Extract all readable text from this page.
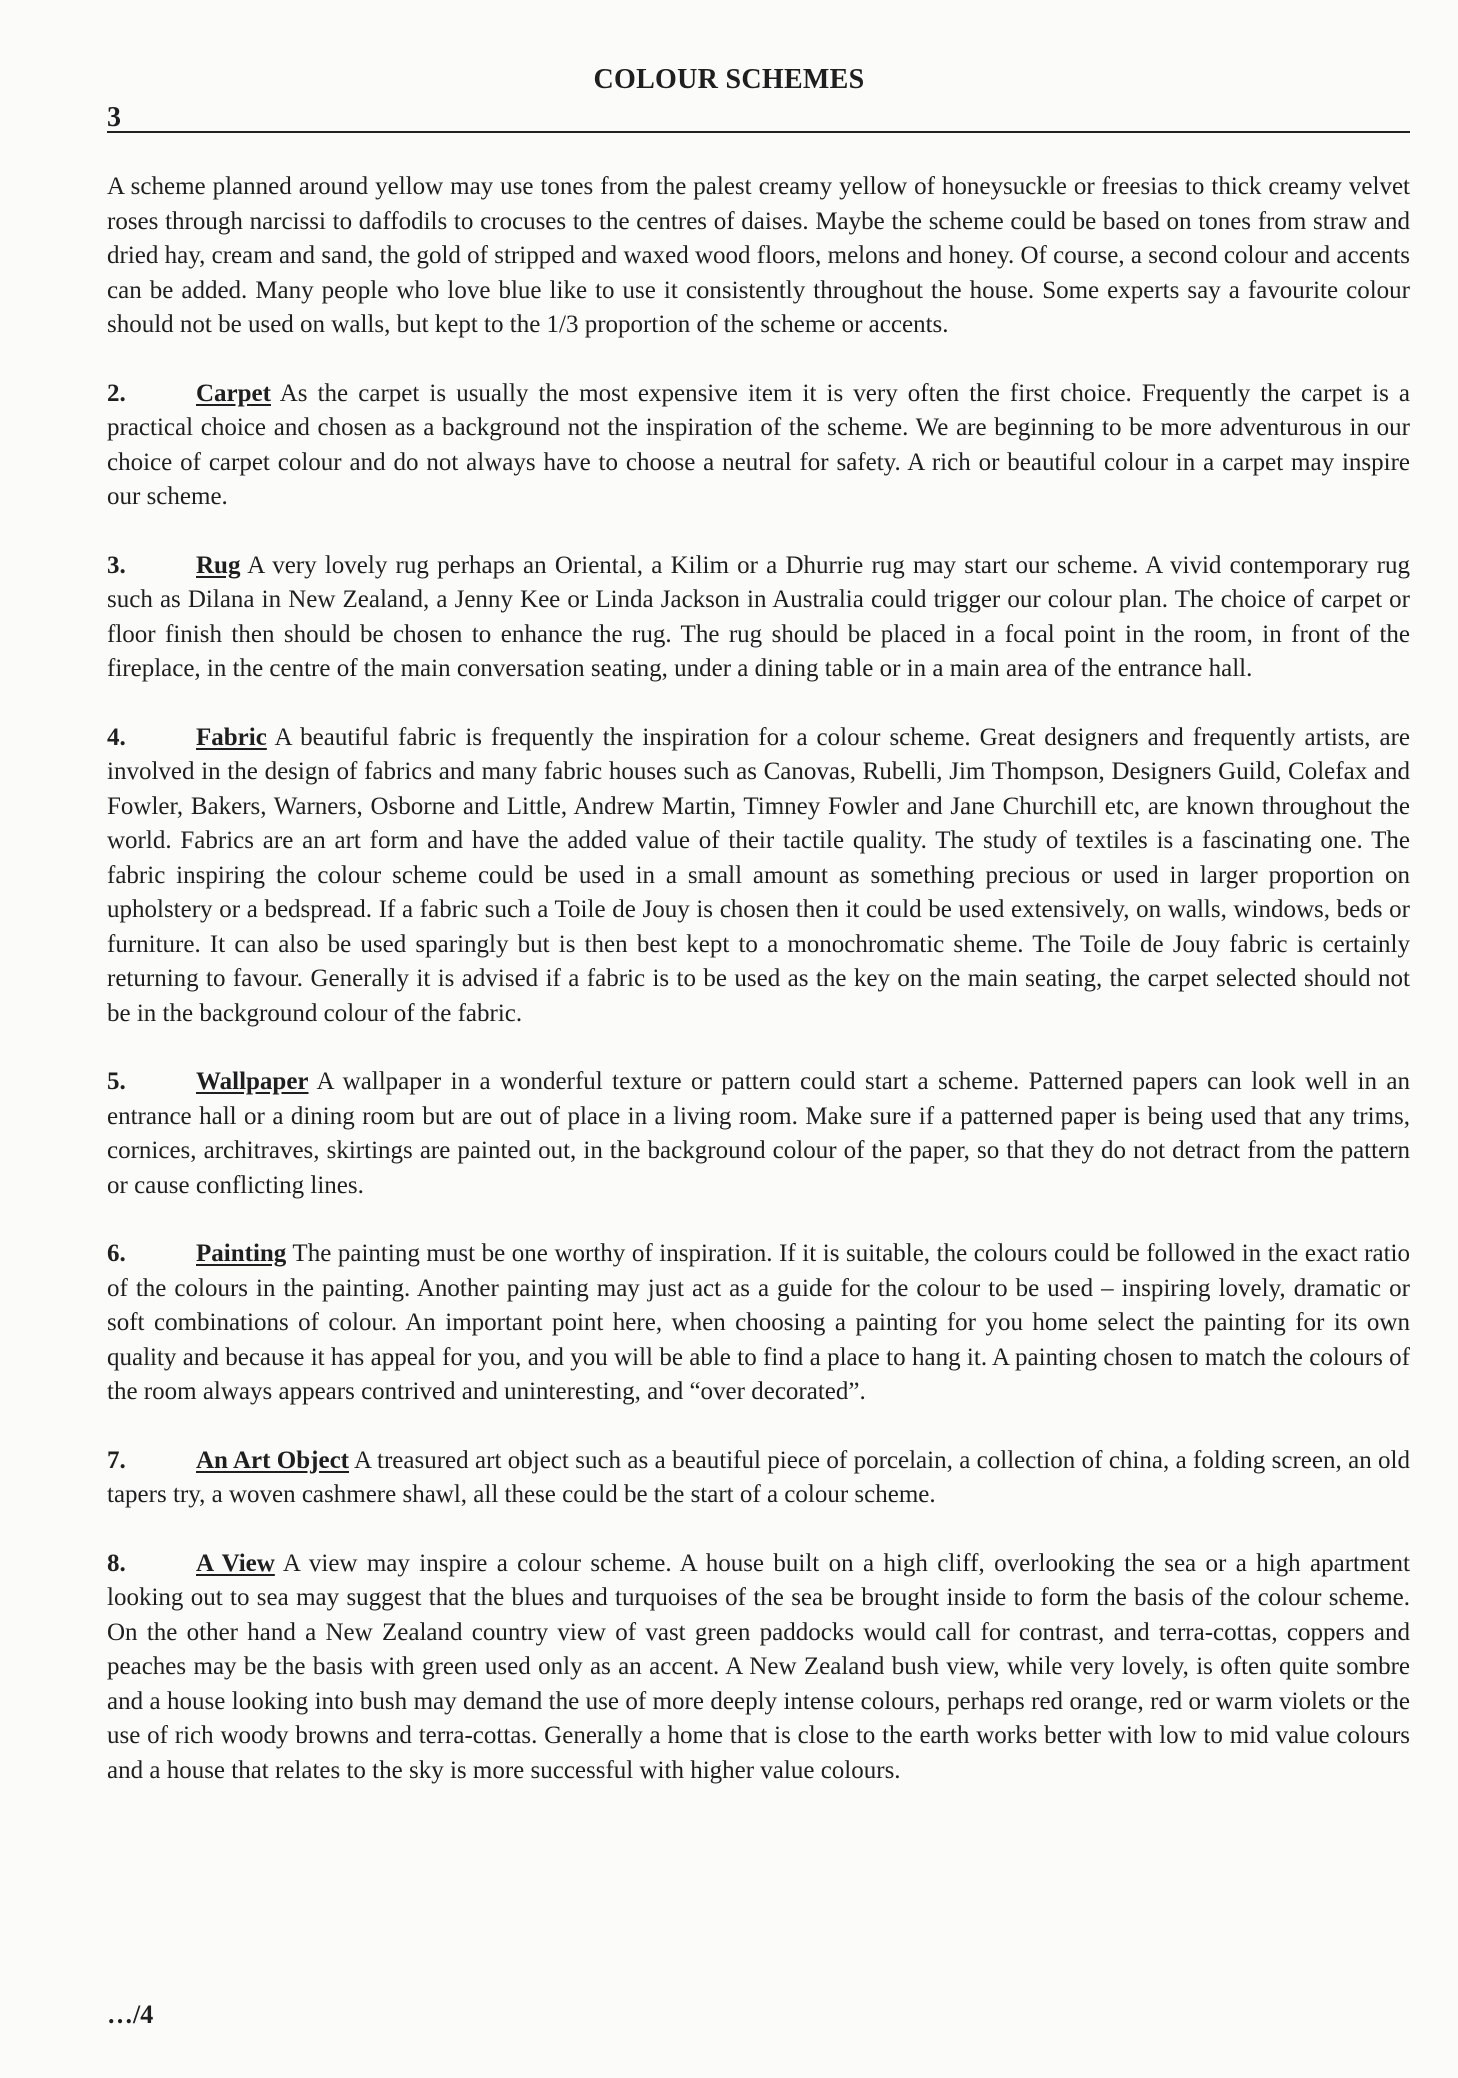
COLOUR SCHEMES
3

A scheme planned around yellow may use tones from the palest creamy yellow of honeysuckle or freesias to thick creamy velvet roses through narcissi to daffodils to crocuses to the centres of daises. Maybe the scheme could be based on tones from straw and dried hay, cream and sand, the gold of stripped and waxed wood floors, melons and honey. Of course, a second colour and accents can be added. Many people who love blue like to use it consistently throughout the house. Some experts say a favourite colour should not be used on walls, but kept to the 1/3 proportion of the scheme or accents.

2.	Carpet As the carpet is usually the most expensive item it is very often the first choice. Frequently the carpet is a practical choice and chosen as a background not the inspiration of the scheme. We are beginning to be more adventurous in our choice of carpet colour and do not always have to choose a neutral for safety. A rich or beautiful colour in a carpet may inspire our scheme.

3.	Rug A very lovely rug perhaps an Oriental, a Kilim or a Dhurrie rug may start our scheme. A vivid contemporary rug such as Dilana in New Zealand, a Jenny Kee or Linda Jackson in Australia could trigger our colour plan. The choice of carpet or floor finish then should be chosen to enhance the rug. The rug should be placed in a focal point in the room, in front of the fireplace, in the centre of the main conversation seating, under a dining table or in a main area of the entrance hall.

4.	Fabric A beautiful fabric is frequently the inspiration for a colour scheme. Great designers and frequently artists, are involved in the design of fabrics and many fabric houses such as Canovas, Rubelli, Jim Thompson, Designers Guild, Colefax and Fowler, Bakers, Warners, Osborne and Little, Andrew Martin, Timney Fowler and Jane Churchill etc, are known throughout the world. Fabrics are an art form and have the added value of their tactile quality. The study of textiles is a fascinating one. The fabric inspiring the colour scheme could be used in a small amount as something precious or used in larger proportion on upholstery or a bedspread. If a fabric such a Toile de Jouy is chosen then it could be used extensively, on walls, windows, beds or furniture. It can also be used sparingly but is then best kept to a monochromatic sheme. The Toile de Jouy fabric is certainly returning to favour. Generally it is advised if a fabric is to be used as the key on the main seating, the carpet selected should not be in the background colour of the fabric.

5.	Wallpaper A wallpaper in a wonderful texture or pattern could start a scheme. Patterned papers can look well in an entrance hall or a dining room but are out of place in a living room. Make sure if a patterned paper is being used that any trims, cornices, architraves, skirtings are painted out, in the background colour of the paper, so that they do not detract from the pattern or cause conflicting lines.

6.	Painting The painting must be one worthy of inspiration. If it is suitable, the colours could be followed in the exact ratio of the colours in the painting. Another painting may just act as a guide for the colour to be used – inspiring lovely, dramatic or soft combinations of colour. An important point here, when choosing a painting for you home select the painting for its own quality and because it has appeal for you, and you will be able to find a place to hang it. A painting chosen to match the colours of the room always appears contrived and uninteresting, and “over decorated”.

7.	An Art Object A treasured art object such as a beautiful piece of porcelain, a collection of china, a folding screen, an old tapers try, a woven cashmere shawl, all these could be the start of a colour scheme.

8.	A View A view may inspire a colour scheme. A house built on a high cliff, overlooking the sea or a high apartment looking out to sea may suggest that the blues and turquoises of the sea be brought inside to form the basis of the colour scheme. On the other hand a New Zealand country view of vast green paddocks would call for contrast, and terra-cottas, coppers and peaches may be the basis with green used only as an accent. A New Zealand bush view, while very lovely, is often quite sombre and a house looking into bush may demand the use of more deeply intense colours, perhaps red orange, red or warm violets or the use of rich woody browns and terra-cottas. Generally a home that is close to the earth works better with low to mid value colours and a house that relates to the sky is more successful with higher value colours.

…/4
